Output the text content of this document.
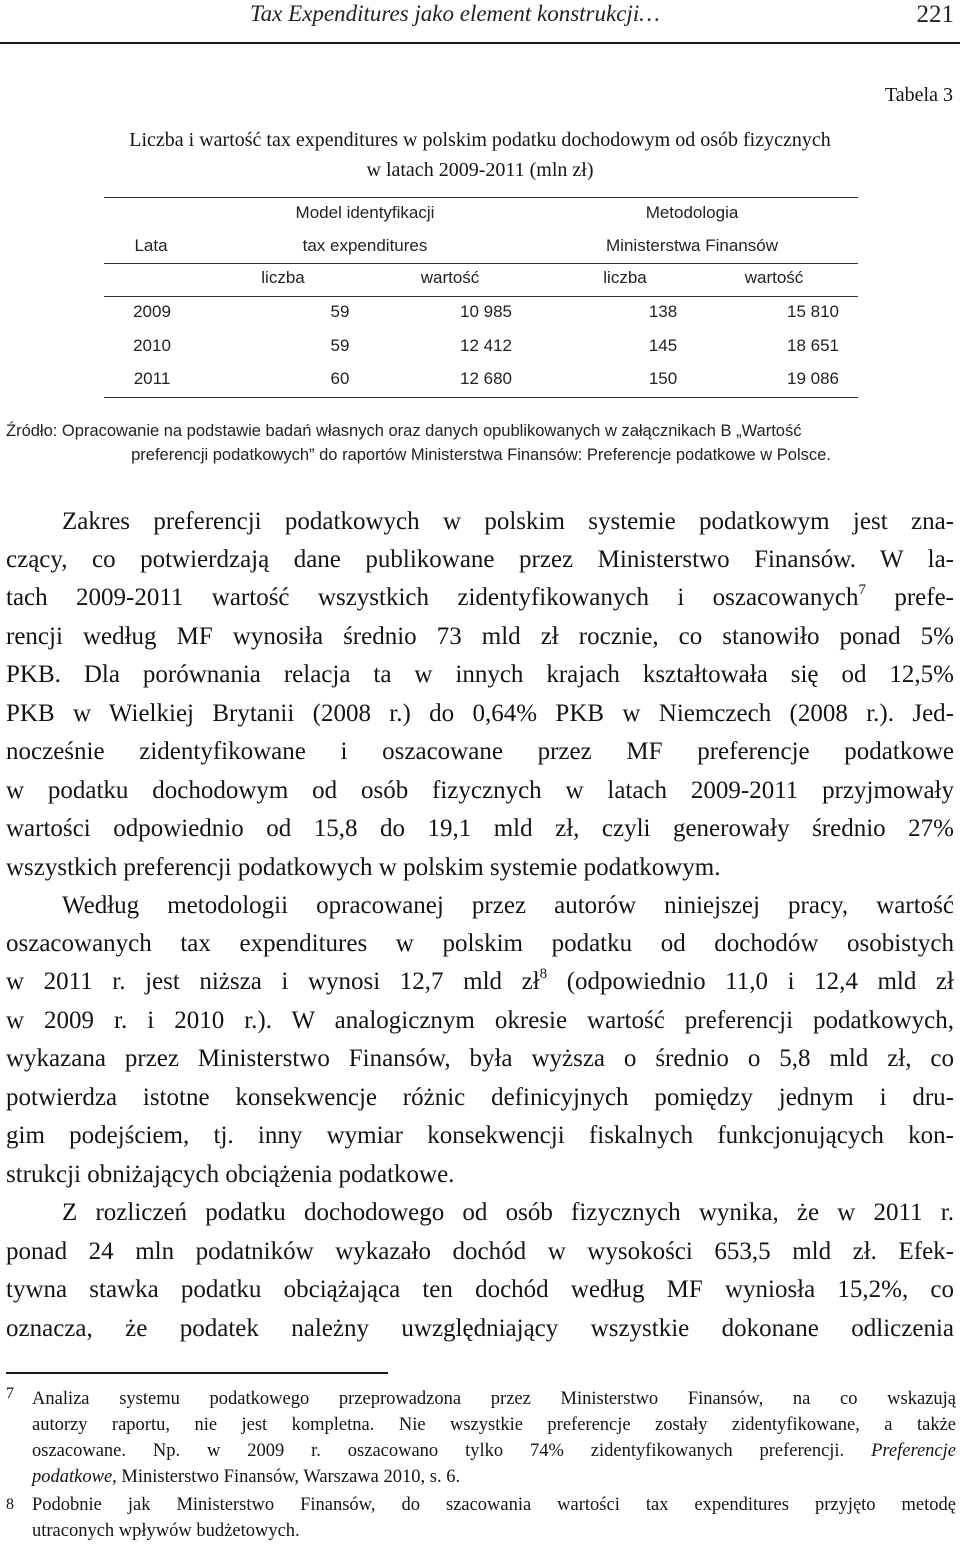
Tax Expenditures jako element konstrukcji…	221
Tabela 3
Liczba i wartość tax expenditures w polskim podatku dochodowym od osób fizycznych
w latach 2009-2011 (mln zł)
Lata
Model identyfikacji
tax expenditures
Metodologia
Ministerstwa Finansów
liczba	wartość	liczba	wartość
2009	59	10 985	138	15 810
2010	59	12 412	145	18 651
2011	60	12 680	150	19 086
Źródło: Opracowanie na podstawie badań własnych oraz danych opublikowanych w załącznikach B „Wartość
preferencji podatkowych” do raportów Ministerstwa Finansów: Preferencje podatkowe w Polsce.
Zakres preferencji podatkowych w polskim systemie podatkowym jest zna-
czący, co potwierdzają dane publikowane przez Ministerstwo Finansów. W la-
tach 2009-2011 wartość wszystkich zidentyfikowanych i oszacowanych$^7$ prefe-
rencji według MF wynosiła średnio 73 mld zł rocznie, co stanowiło ponad 5%
PKB. Dla porównania relacja ta w innych krajach kształtowała się od 12,5%
PKB w Wielkiej Brytanii (2008 r.) do 0,64% PKB w Niemczech (2008 r.). Jed-
nocześnie zidentyfikowane i oszacowane przez MF preferencje podatkowe
w podatku dochodowym od osób fizycznych w latach 2009-2011 przyjmowały
wartości odpowiednio od 15,8 do 19,1 mld zł, czyli generowały średnio 27%
wszystkich preferencji podatkowych w polskim systemie podatkowym.
Według metodologii opracowanej przez autorów niniejszej pracy, wartość
oszacowanych tax expenditures w polskim podatku od dochodów osobistych
w 2011 r. jest niższa i wynosi 12,7 mld $zł^8$ (odpowiednio 11,0 i 12,4 mld zł
w 2009 r. i 2010 r.). W analogicznym okresie wartość preferencji podatkowych,
wykazana przez Ministerstwo Finansów, była wyższa o średnio o 5,8 mld zł, co
potwierdza istotne konsekwencje różnic definicyjnych pomiędzy jednym i dru-
gim podejściem, tj. inny wymiar konsekwencji fiskalnych funkcjonujących kon-
strukcji obniżających obciążenia podatkowe.
Z rozliczeń podatku dochodowego od osób fizycznych wynika, że w 2011 r.
ponad 24 mln podatników wykazało dochód w wysokości 653,5 mld zł. Efek-
tywna stawka podatku obciążająca ten dochód według MF wyniosła 15,2%, co
oznacza, że podatek należny uwzględniający wszystkie dokonane odliczenia
7 Analiza systemu podatkowego przeprowadzona przez Ministerstwo Finansów, na co wskazują
autorzy raportu, nie jest kompletna. Nie wszystkie preferencje zostały zidentyfikowane, a także
oszacowane. Np. w 2009 r. oszacowano tylko 74% zidentyfikowanych preferencji. Preferencje
podatkowe, Ministerstwo Finansów, Warszawa 2010, s. 6.
8 Podobnie jak Ministerstwo Finansów, do szacowania wartości tax expenditures przyjęto metodę
utraconych wpływów budżetowych.
